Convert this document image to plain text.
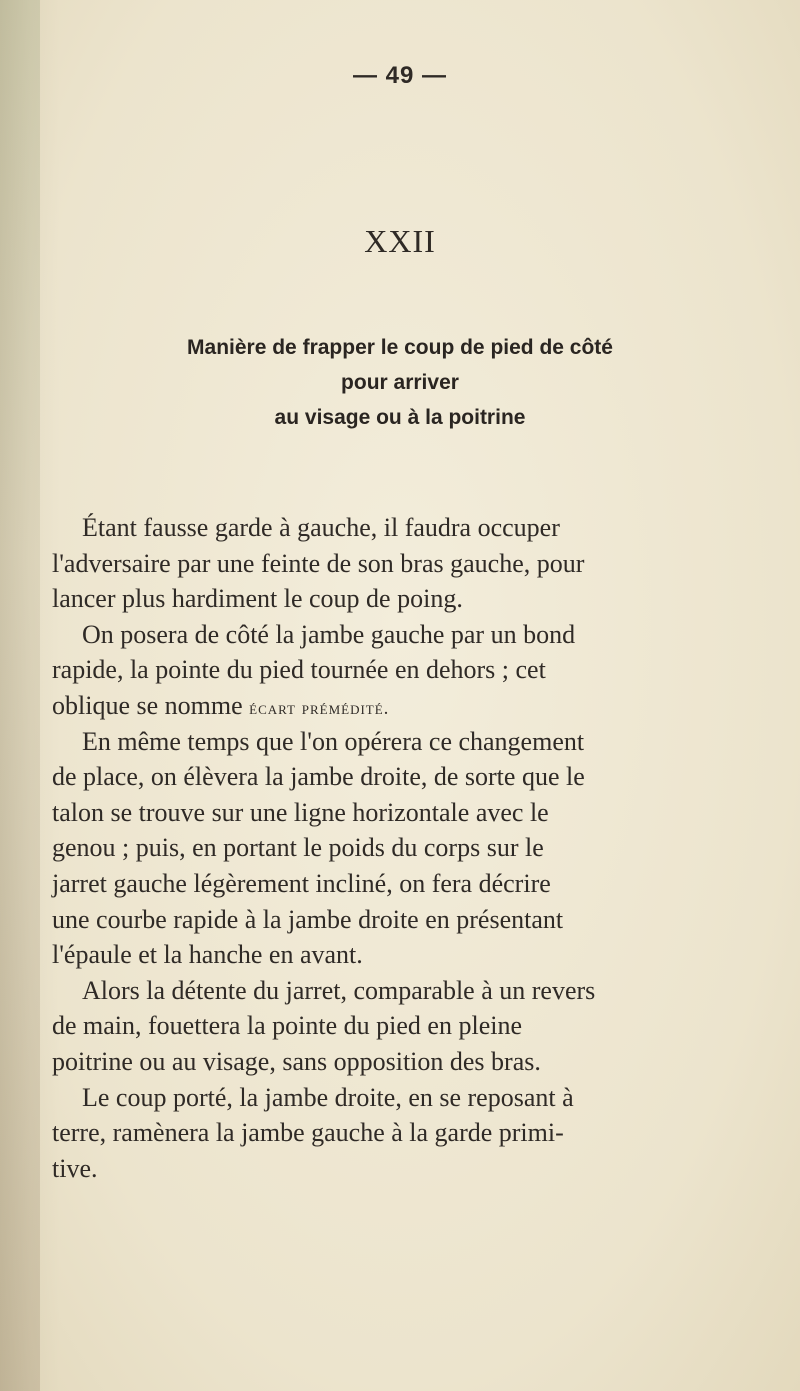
— 49 —
XXII
Manière de frapper le coup de pied de côté
pour arriver
au visage ou à la poitrine
Étant fausse garde à gauche, il faudra occuper
l'adversaire par une feinte de son bras gauche, pour
lancer plus hardiment le coup de poing.
On posera de côté la jambe gauche par un bond
rapide, la pointe du pied tournée en dehors ; cet
oblique se nomme écart prémédité.
En même temps que l'on opérera ce changement
de place, on élèvera la jambe droite, de sorte que le
talon se trouve sur une ligne horizontale avec le
genou ; puis, en portant le poids du corps sur le
jarret gauche légèrement incliné, on fera décrire
une courbe rapide à la jambe droite en présentant
l'épaule et la hanche en avant.
Alors la détente du jarret, comparable à un revers
de main, fouettera la pointe du pied en pleine
poitrine ou au visage, sans opposition des bras.
Le coup porté, la jambe droite, en se reposant à
terre, ramènera la jambe gauche à la garde primi-
tive.
